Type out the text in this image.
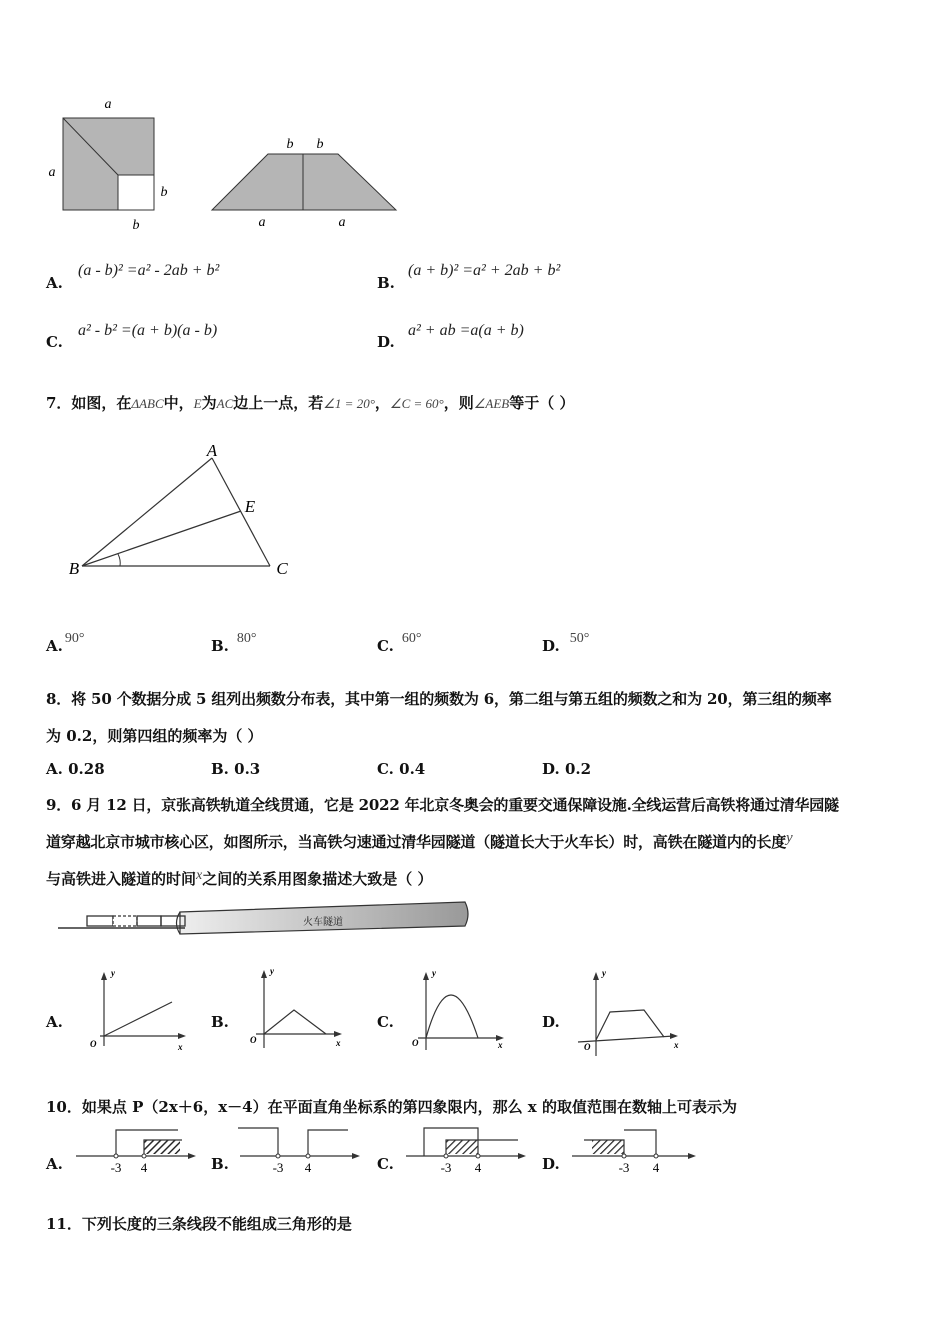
a
a
b
b
b b
a	a
A.
(a - b)² =a² - 2ab + b²
B.
(a + b)² =a² + 2ab + b²
C.
a² - b² =(a + b)(a - b)
D.
a² + ab =a(a + b)
7．如图，在ΔABC中，E为AC边上一点，若∠1 = 20°，∠C = 60°，则∠AEB等于（ ）
A
B	C
E
A. 90°	B. 80°	C. 60°	D. 50°
8．将 50 个数据分成 5 组列出频数分布表，其中第一组的频数为 6，第二组与第五组的频数之和为 20，第三组的频率
为 0.2，则第四组的频率为（ ）
A. 0.28	B. 0.3	C. 0.4	D. 0.2
9．6 月 12 日，京张高铁轨道全线贯通，它是 2022 年北京冬奥会的重要交通保障设施.全线运营后高铁将通过清华园隧
道穿越北京市城市核心区，如图所示，当高铁匀速通过清华园隧道（隧道长大于火车长）时，高铁在隧道内的长度y
与高铁进入隧道的时间x之间的关系用图象描述大致是（ ）
火车隧道
A.
y
O	x
B.
y
O	x
C.
y
O	x
D.
y
O	x
10．如果点 P（2x＋6，x－4）在平面直角坐标系的第四象限内，那么 x 的取值范围在数轴上可表示为
A.	-3 4	B.	-3 4	C.	-3 4	D.	-3 4
11．下列长度的三条线段不能组成三角形的是
